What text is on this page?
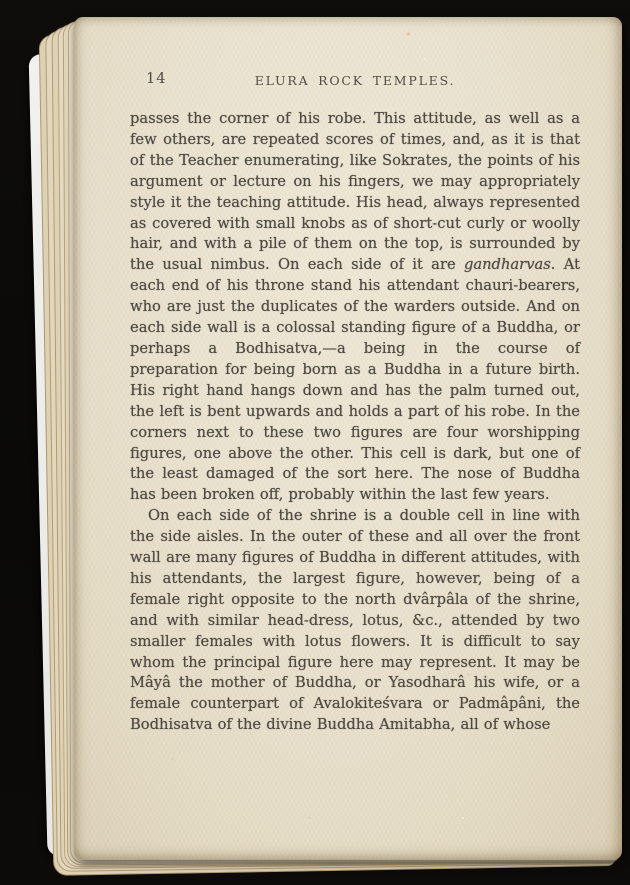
14	ELURA ROCK TEMPLES.

passes the corner of his robe. This attitude, as well as a few others, are repeated scores of times, and, as it is that of the Teacher enumerating, like Sokrates, the points of his argument or lecture on his fingers, we may appropriately style it the teaching attitude. His head, always represented as covered with small knobs as of short-cut curly or woolly hair, and with a pile of them on the top, is surrounded by the usual nimbus. On each side of it are gandharvas. At each end of his throne stand his attendant chauri-bearers, who are just the duplicates of the warders outside. And on each side wall is a colossal standing figure of a Buddha, or perhaps a Bodhisatva,—a being in the course of preparation for being born as a Buddha in a future birth. His right hand hangs down and has the palm turned out, the left is bent upwards and holds a part of his robe. In the corners next to these two figures are four worshipping figures, one above the other. This cell is dark, but one of the least damaged of the sort here. The nose of Buddha has been broken off, probably within the last few years.

On each side of the shrine is a double cell in line with the side aisles. In the outer of these and all over the front wall are many figures of Buddha in different attitudes, with his attendants, the largest figure, however, being of a female right opposite to the north dvârpâla of the shrine, and with similar head-dress, lotus, &c., attended by two smaller females with lotus flowers. It is difficult to say whom the principal figure here may represent. It may be Mâyâ the mother of Buddha, or Yasodharâ his wife, or a female counterpart of Avalokiteśvara or Padmâpâni, the Bodhisatva of the divine Buddha Amitabha, all of whose
